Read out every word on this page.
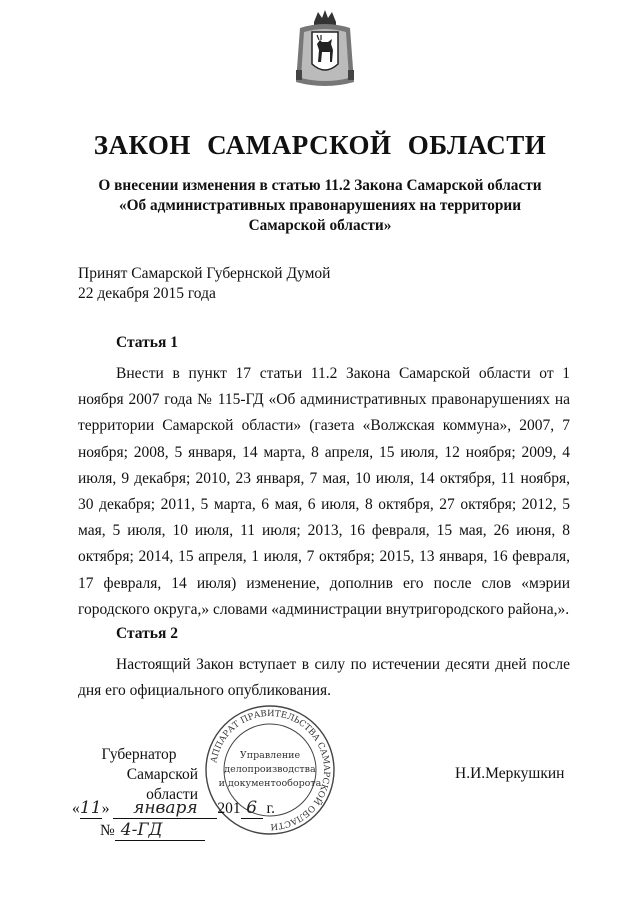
ЗАКОН САМАРСКОЙ ОБЛАСТИ
О внесении изменения в статью 11.2 Закона Самарской области
«Об административных правонарушениях на территории
Самарской области»
Принят Самарской Губернской Думой
22 декабря 2015 года
Статья 1
Внести в пункт 17 статьи 11.2 Закона Самарской области от 1 ноября 2007 года № 115-ГД «Об административных правонарушениях на территории Самарской области» (газета «Волжская коммуна», 2007, 7 ноября; 2008, 5 января, 14 марта, 8 апреля, 15 июля, 12 ноября; 2009, 4 июля, 9 декабря; 2010, 23 января, 7 мая, 10 июля, 14 октября, 11 ноября, 30 декабря; 2011, 5 марта, 6 мая, 6 июля, 8 октября, 27 октября; 2012, 5 мая, 5 июля, 10 июля, 11 июля; 2013, 16 февраля, 15 мая, 26 июня, 8 октября; 2014, 15 апреля, 1 июля, 7 октября; 2015, 13 января, 16 февраля, 17 февраля, 14 июля) изменение, дополнив его после слов «мэрии городского округа,» словами «администрации внутригородского района,».
Статья 2
Настоящий Закон вступает в силу по истечении десяти дней после дня его официального опубликования.
АППАРАТ ПРАВИТЕЛЬСТВА САМАРСКОЙ ОБЛАСТИ
Управление
делопроизводства
и документооборота
Губернатор
Самарской области
Н.И.Меркушкин
«11» января 201 6 г.
№ 4-ГД
